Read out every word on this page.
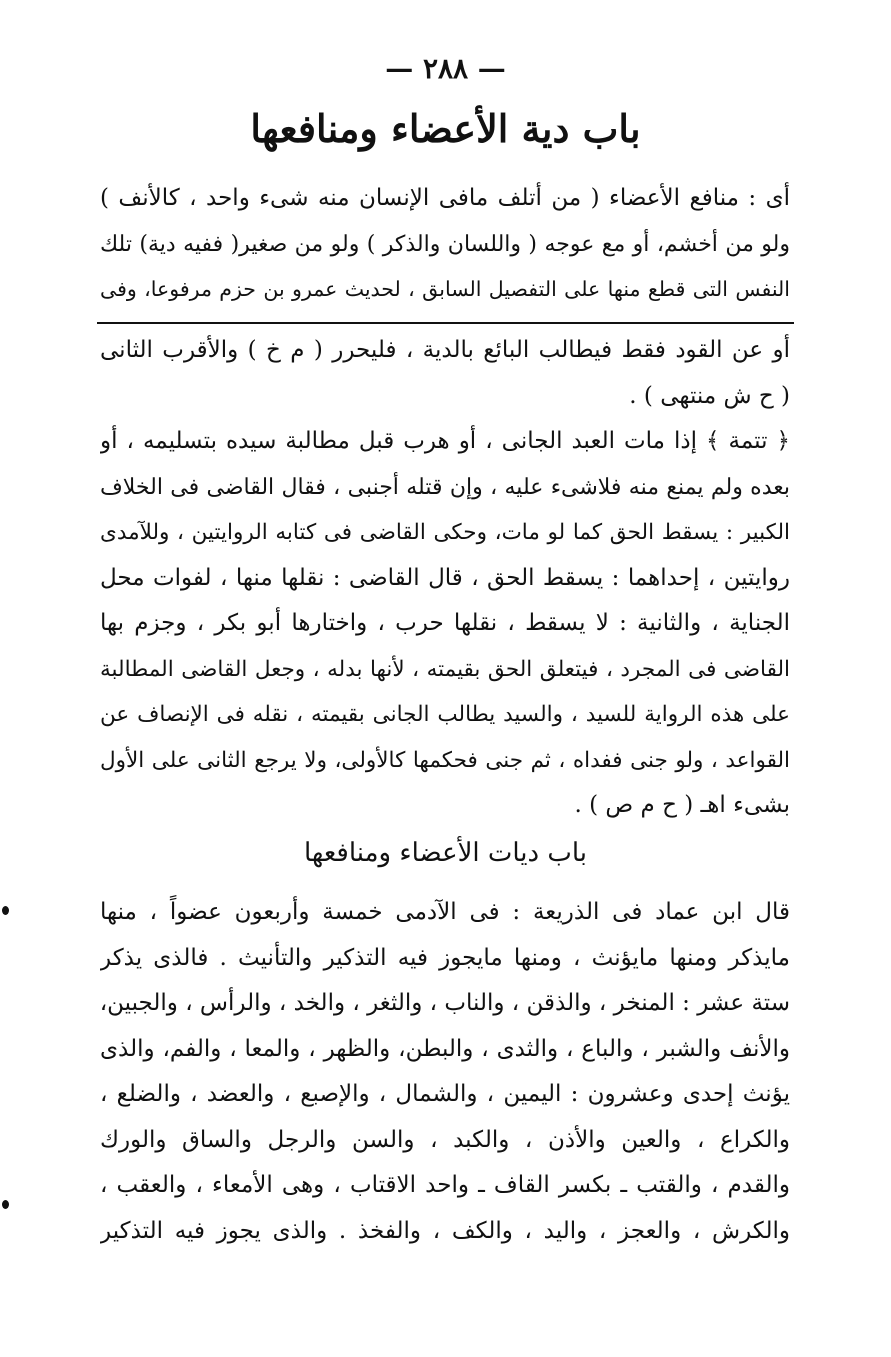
— ٢٨٨ —
باب دية الأعضاء ومنافعها
أى : منافع الأعضاء ( من أتلف مافى الإنسان منه شىء واحد ، كالأنف )
ولو من أخشم، أو مع عوجه ( واللسان والذكر ) ولو من صغير( ففيه دية) تلك
النفس التى قطع منها على التفصيل السابق ، لحديث عمرو بن حزم مرفوعا، وفى
أو عن القود فقط فيطالب البائع بالدية ، فليحرر ( م خ ) والأقرب الثانى
( ح ش منتهى ) .
﴿ تتمة ﴾ إذا مات العبد الجانى ، أو هرب قبل مطالبة سيده بتسليمه ، أو
بعده ولم يمنع منه فلاشىء عليه ، وإن قتله أجنبى ، فقال القاضى فى الخلاف
الكبير : يسقط الحق كما لو مات، وحكى القاضى فى كتابه الروايتين ، وللآمدى
روايتين ، إحداهما : يسقط الحق ، قال القاضى : نقلها منها ، لفوات محل
الجناية ، والثانية : لا يسقط ، نقلها حرب ، واختارها أبو بكر ، وجزم بها
القاضى فى المجرد ، فيتعلق الحق بقيمته ، لأنها بدله ، وجعل القاضى المطالبة
على هذه الرواية للسيد ، والسيد يطالب الجانى بقيمته ، نقله فى الإنصاف عن
القواعد ، ولو جنى ففداه ، ثم جنى فحكمها كالأولى، ولا يرجع الثانى على الأول
بشىء اهـ ( ح م ص ) .
باب ديات الأعضاء ومنافعها
قال ابن عماد فى الذريعة : فى الآدمى خمسة وأربعون عضواً ، منها
مايذكر ومنها مايؤنث ، ومنها مايجوز فيه التذكير والتأنيث . فالذى يذكر
ستة عشر : المنخر ، والذقن ، والناب ، والثغر ، والخد ، والرأس ، والجبين،
والأنف والشبر ، والباع ، والثدى ، والبطن، والظهر ، والمعا ، والفم، والذى
يؤنث إحدى وعشرون : اليمين ، والشمال ، والإصبع ، والعضد ، والضلع ،
والكراع ، والعين والأذن ، والكبد ، والسن والرجل والساق والورك
والقدم ، والقتب ـ بكسر القاف ـ واحد الاقتاب ، وهى الأمعاء ، والعقب ،
والكرش ، والعجز ، واليد ، والكف ، والفخذ . والذى يجوز فيه التذكير
